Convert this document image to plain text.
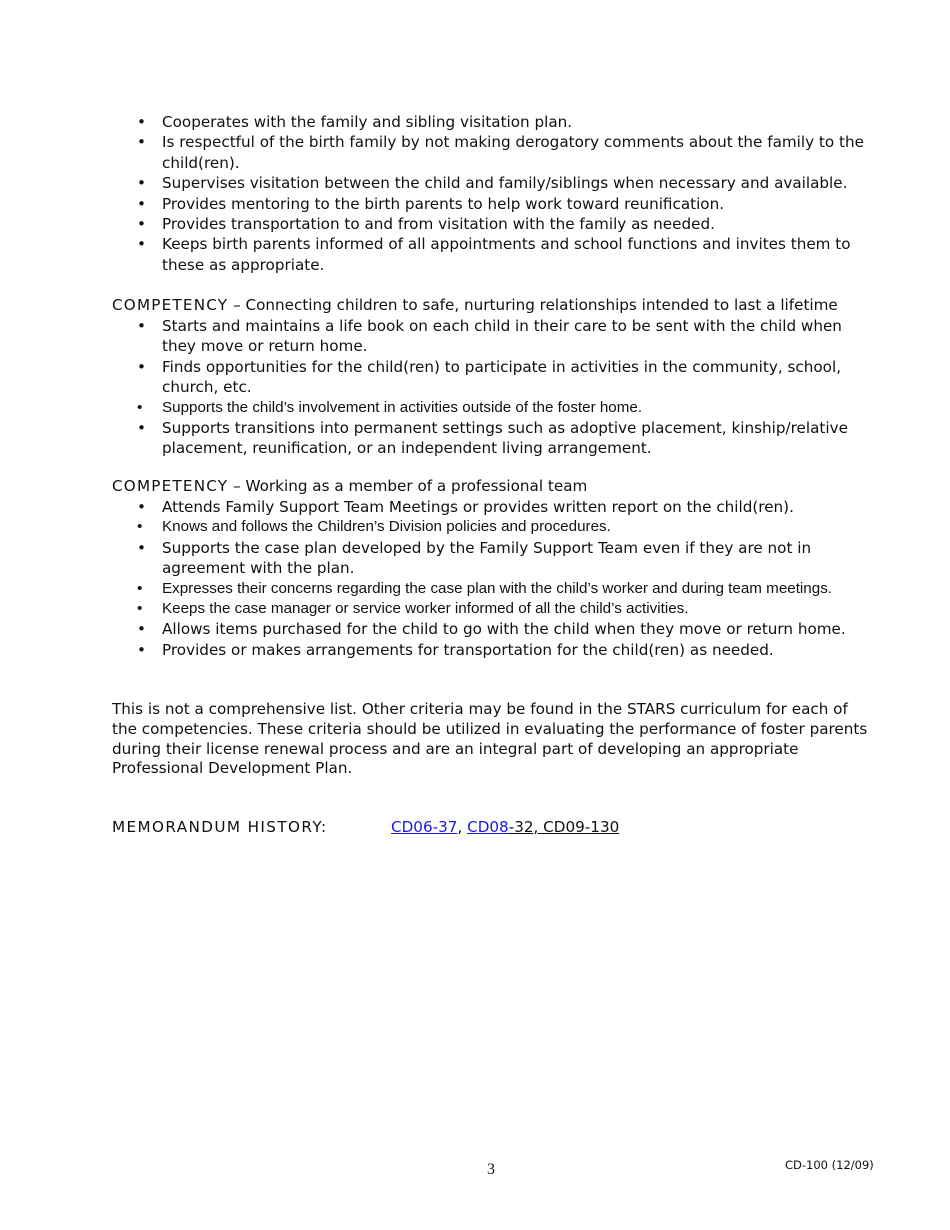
• Cooperates with the family and sibling visitation plan.
• Is respectful of the birth family by not making derogatory comments about the family to the child(ren).
• Supervises visitation between the child and family/siblings when necessary and available.
• Provides mentoring to the birth parents to help work toward reunification.
• Provides transportation to and from visitation with the family as needed.
• Keeps birth parents informed of all appointments and school functions and invites them to these as appropriate.
COMPETENCY – Connecting children to safe, nurturing relationships intended to last a lifetime
• Starts and maintains a life book on each child in their care to be sent with the child when they move or return home.
• Finds opportunities for the child(ren) to participate in activities in the community, school, church, etc.
• Supports the child’s involvement in activities outside of the foster home.
• Supports transitions into permanent settings such as adoptive placement, kinship/relative placement, reunification, or an independent living arrangement.
COMPETENCY – Working as a member of a professional team
• Attends Family Support Team Meetings or provides written report on the child(ren).
• Knows and follows the Children’s Division policies and procedures.
• Supports the case plan developed by the Family Support Team even if they are not in agreement with the plan.
• Expresses their concerns regarding the case plan with the child’s worker and during team meetings.
• Keeps the case manager or service worker informed of all the child’s activities.
• Allows items purchased for the child to go with the child when they move or return home.
• Provides or makes arrangements for transportation for the child(ren) as needed.
This is not a comprehensive list. Other criteria may be found in the STARS curriculum for each of the competencies. These criteria should be utilized in evaluating the performance of foster parents during their license renewal process and are an integral part of developing an appropriate Professional Development Plan.
MEMORANDUM HISTORY:	CD06-37, CD08-32, CD09-130
3	CD-100 (12/09)
